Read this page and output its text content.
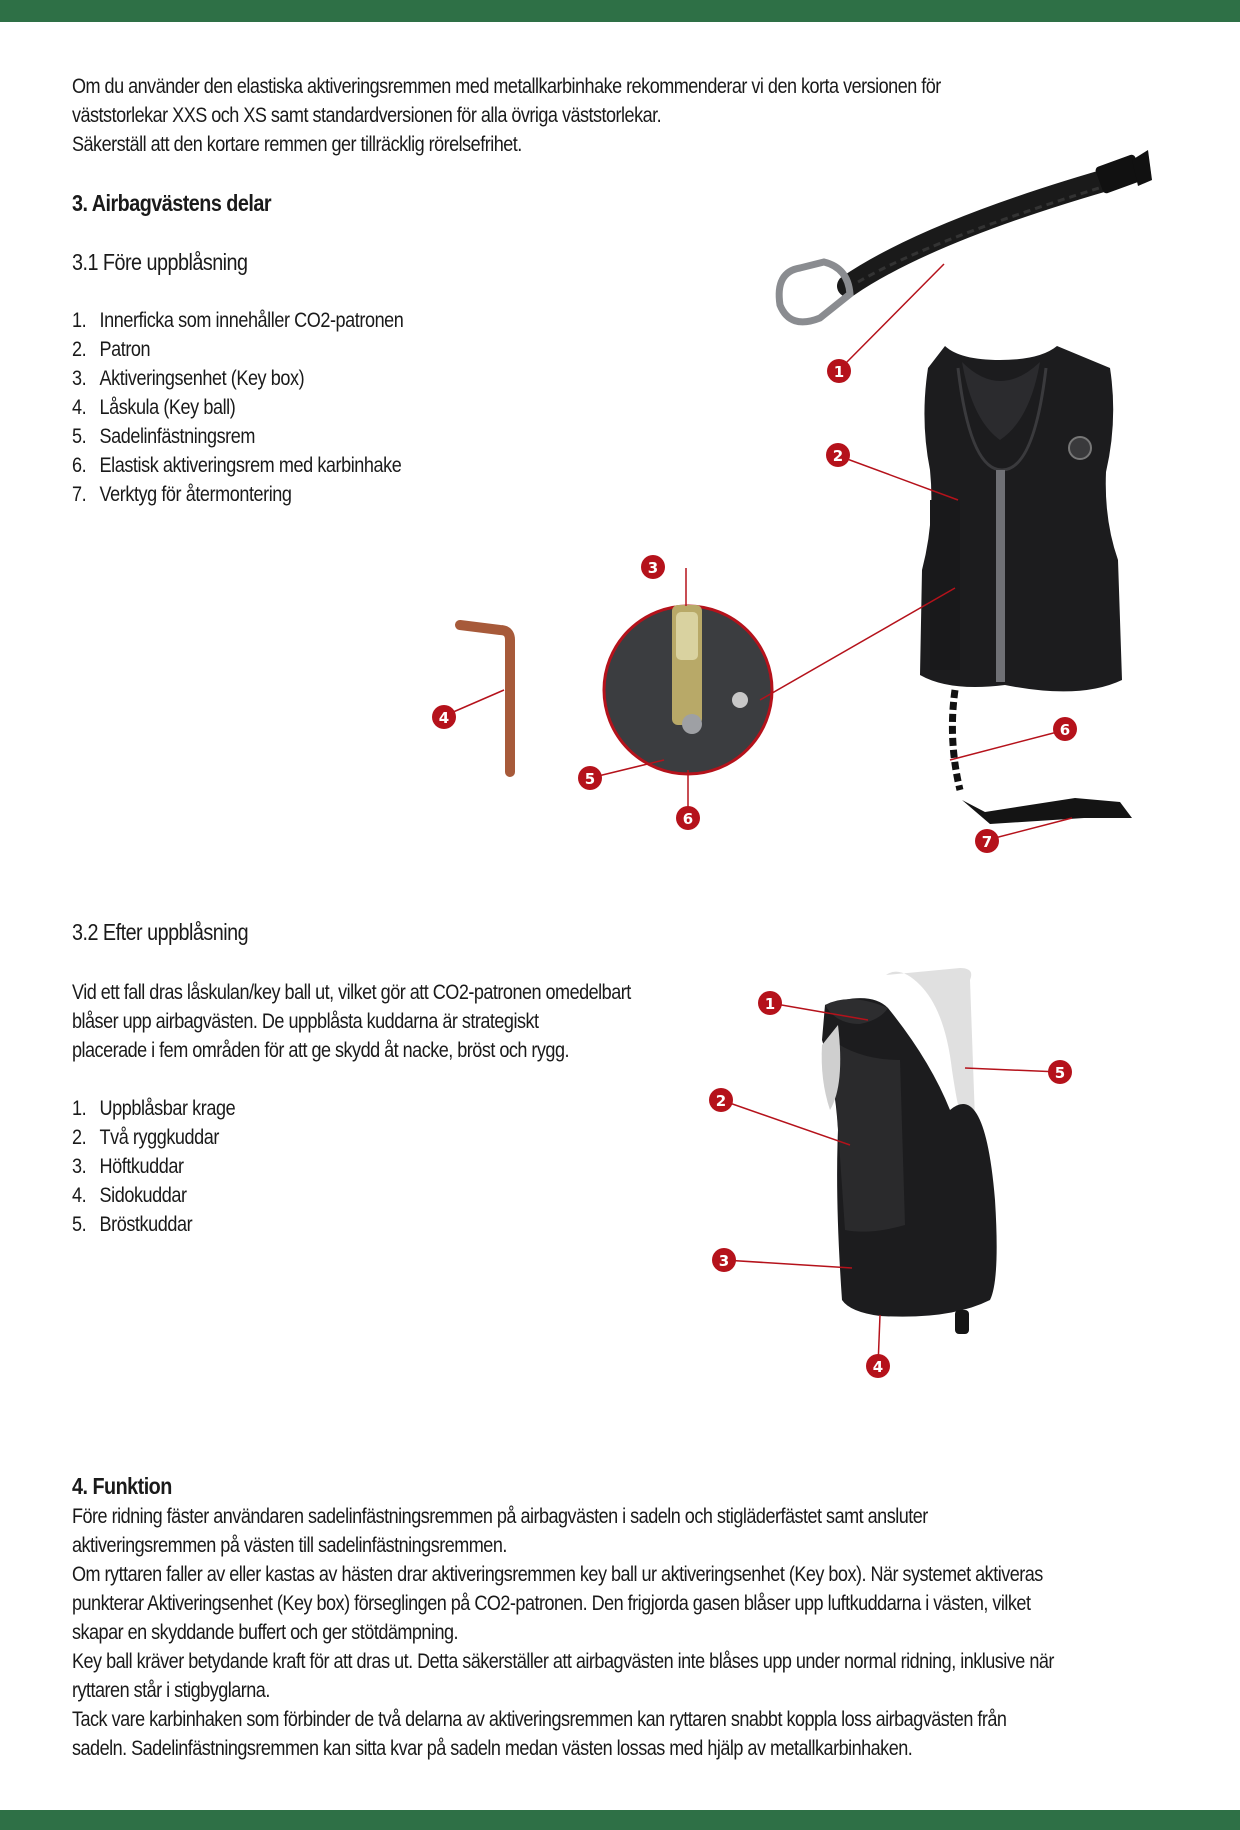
Om du använder den elastiska aktiveringsremmen med metallkarbinhake rekommenderar vi den korta versionen för
väststorlekar XXS och XS samt standardversionen för alla övriga väststorlekar.
Säkerställ att den kortare remmen ger tillräcklig rörelsefrihet.
3. Airbagvästens delar
3.1 Före uppblåsning
1. Innerficka som innehåller CO2-patronen
2. Patron
3. Aktiveringsenhet (Key box)
4. Låskula (Key ball)
5. Sadelinfästningsrem
6. Elastisk aktiveringsrem med karbinhake
7. Verktyg för återmontering
1
2
3
4
5
6
6
7
1
5
2
3
4
3.2 Efter uppblåsning
Vid ett fall dras låskulan/key ball ut, vilket gör att CO2-patronen omedelbart
blåser upp airbagvästen. De uppblåsta kuddarna är strategiskt
placerade i fem områden för att ge skydd åt nacke, bröst och rygg.
1. Uppblåsbar krage
2. Två ryggkuddar
3. Höftkuddar
4. Sidokuddar
5. Bröstkuddar
4. Funktion
Före ridning fäster användaren sadelinfästningsremmen på airbagvästen i sadeln och stigläderfästet samt ansluter
aktiveringsremmen på västen till sadelinfästningsremmen.
Om ryttaren faller av eller kastas av hästen drar aktiveringsremmen key ball ur aktiveringsenhet (Key box). När systemet aktiveras
punkterar Aktiveringsenhet (Key box) förseglingen på CO2-patronen. Den frigjorda gasen blåser upp luftkuddarna i västen, vilket
skapar en skyddande buffert och ger stötdämpning.
Key ball kräver betydande kraft för att dras ut. Detta säkerställer att airbagvästen inte blåses upp under normal ridning, inklusive när
ryttaren står i stigbyglarna.
Tack vare karbinhaken som förbinder de två delarna av aktiveringsremmen kan ryttaren snabbt koppla loss airbagvästen från
sadeln. Sadelinfästningsremmen kan sitta kvar på sadeln medan västen lossas med hjälp av metallkarbinhaken.
